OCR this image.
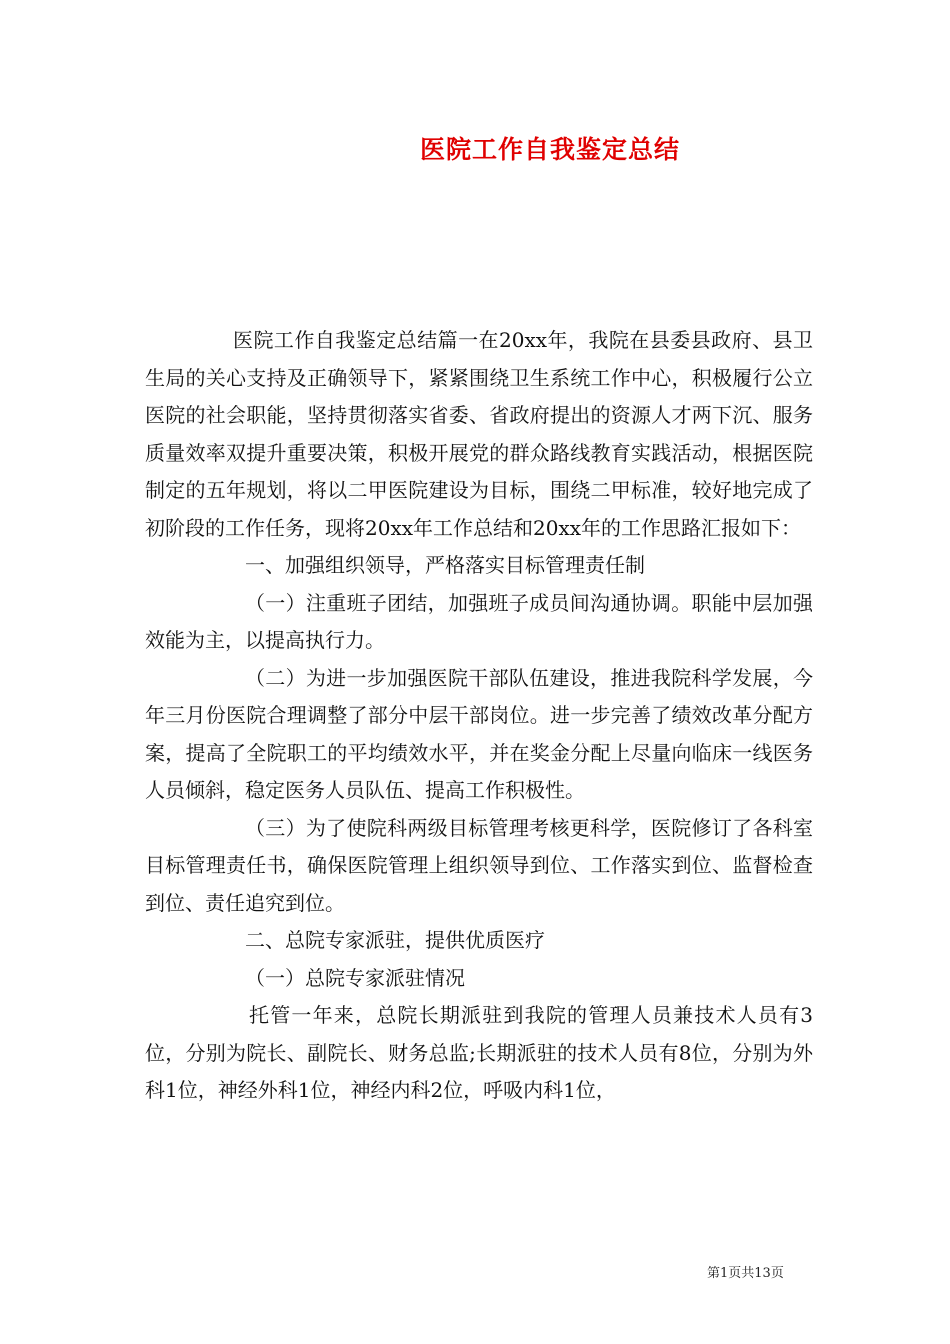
医院工作自我鉴定总结

医院工作自我鉴定总结篇一在20xx年，我院在县委县政府、县卫生局的关心支持及正确领导下，紧紧围绕卫生系统工作中心，积极履行公立医院的社会职能，坚持贯彻落实省委、省政府提出的资源人才两下沉、服务质量效率双提升重要决策，积极开展党的群众路线教育实践活动，根据医院制定的五年规划，将以二甲医院建设为目标，围绕二甲标准，较好地完成了初阶段的工作任务，现将20xx年工作总结和20xx年的工作思路汇报如下：

一、加强组织领导，严格落实目标管理责任制

（一）注重班子团结，加强班子成员间沟通协调。职能中层加强效能为主，以提高执行力。

（二）为进一步加强医院干部队伍建设，推进我院科学发展，今年三月份医院合理调整了部分中层干部岗位。进一步完善了绩效改革分配方案，提高了全院职工的平均绩效水平，并在奖金分配上尽量向临床一线医务人员倾斜，稳定医务人员队伍、提高工作积极性。

（三）为了使院科两级目标管理考核更科学，医院修订了各科室目标管理责任书，确保医院管理上组织领导到位、工作落实到位、监督检查到位、责任追究到位。

二、总院专家派驻，提供优质医疗

（一）总院专家派驻情况

托管一年来，总院长期派驻到我院的管理人员兼技术人员有3位，分别为院长、副院长、财务总监;长期派驻的技术人员有8位，分别为外科1位，神经外科1位，神经内科2位，呼吸内科1位，

第1页共13页
